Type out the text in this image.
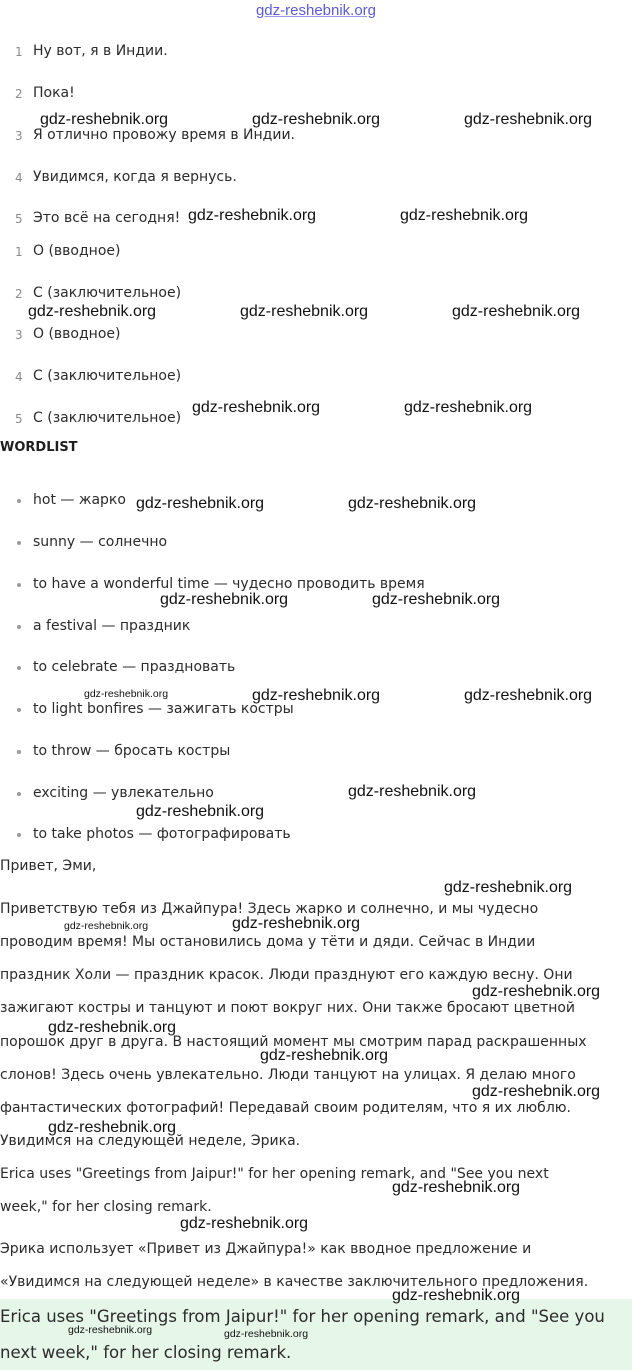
gdz-reshebnik.org
1 Ну вот, я в Индии.
2 Пока!
3 Я отлично провожу время в Индии.
4 Увидимся, когда я вернусь.
5 Это всё на сегодня!
1 О (вводное)
2 С (заключительное)
3 О (вводное)
4 С (заключительное)
5 С (заключительное)
WORDLIST
hot — жарко
sunny — солнечно
to have a wonderful time — чудесно проводить время
a festival — праздник
to celebrate — праздновать
to light bonfires — зажигать костры
to throw — бросать костры
exciting — увлекательно
to take photos — фотографировать
Привет, Эми,
Приветствую тебя из Джайпура! Здесь жарко и солнечно, и мы чудесно
проводим время! Мы остановились дома у тёти и дяди. Сейчас в Индии
праздник Холи — праздник красок. Люди празднуют его каждую весну. Они
зажигают костры и танцуют и поют вокруг них. Они также бросают цветной
порошок друг в друга. В настоящий момент мы смотрим парад раскрашенных
слонов! Здесь очень увлекательно. Люди танцуют на улицах. Я делаю много
фантастических фотографий! Передавай своим родителям, что я их люблю.
Увидимся на следующей неделе, Эрика.
Erica uses "Greetings from Jaipur!" for her opening remark, and "See you next
week," for her closing remark.
Эрика использует «Привет из Джайпура!» как вводное предложение и
«Увидимся на следующей неделе» в качестве заключительного предложения.
Erica uses "Greetings from Jaipur!" for her opening remark, and "See you
next week," for her closing remark.
gdz-reshebnik.org	gdz-reshebnik.org	gdz-reshebnik.org
gdz-reshebnik.org	gdz-reshebnik.org
gdz-reshebnik.org	gdz-reshebnik.org	gdz-reshebnik.org
gdz-reshebnik.org	gdz-reshebnik.org
gdz-reshebnik.org	gdz-reshebnik.org
gdz-reshebnik.org	gdz-reshebnik.org
gdz-reshebnik.org	gdz-reshebnik.org	gdz-reshebnik.org
gdz-reshebnik.org
gdz-reshebnik.org
gdz-reshebnik.org
gdz-reshebnik.org	gdz-reshebnik.org
gdz-reshebnik.org
gdz-reshebnik.org
gdz-reshebnik.org
gdz-reshebnik.org
gdz-reshebnik.org
gdz-reshebnik.org
gdz-reshebnik.org
gdz-reshebnik.org
gdz-reshebnik.org	gdz-reshebnik.org
